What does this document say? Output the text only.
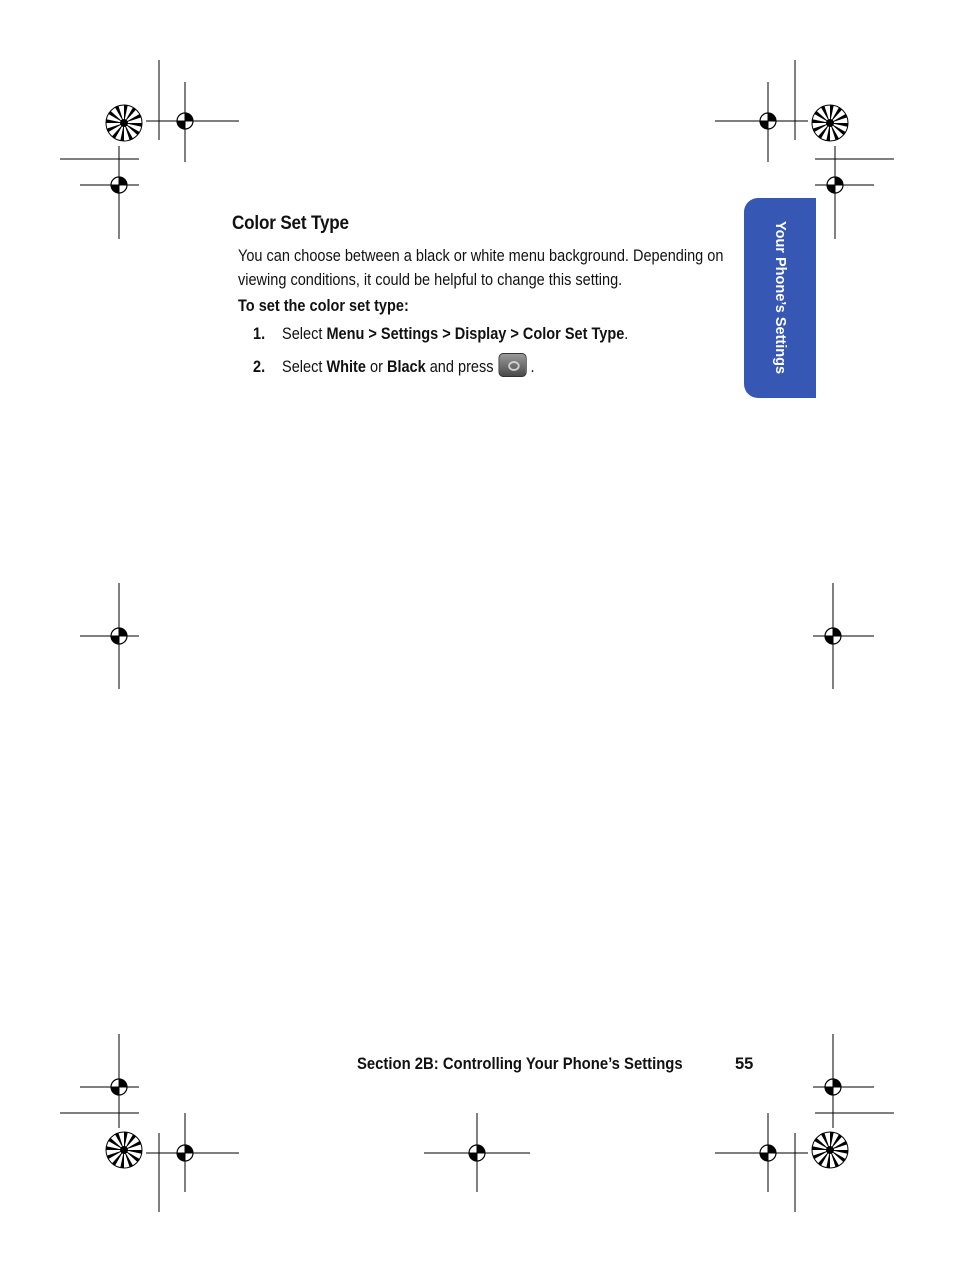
Your Phone’s Settings
Color Set Type
You can choose between a black or white menu background. Depending on viewing conditions, it could be helpful to change this setting.
To set the color set type:
1. Select Menu > Settings > Display > Color Set Type.
2. Select White or Black and press .
Section 2B: Controlling Your Phone’s Settings	55
